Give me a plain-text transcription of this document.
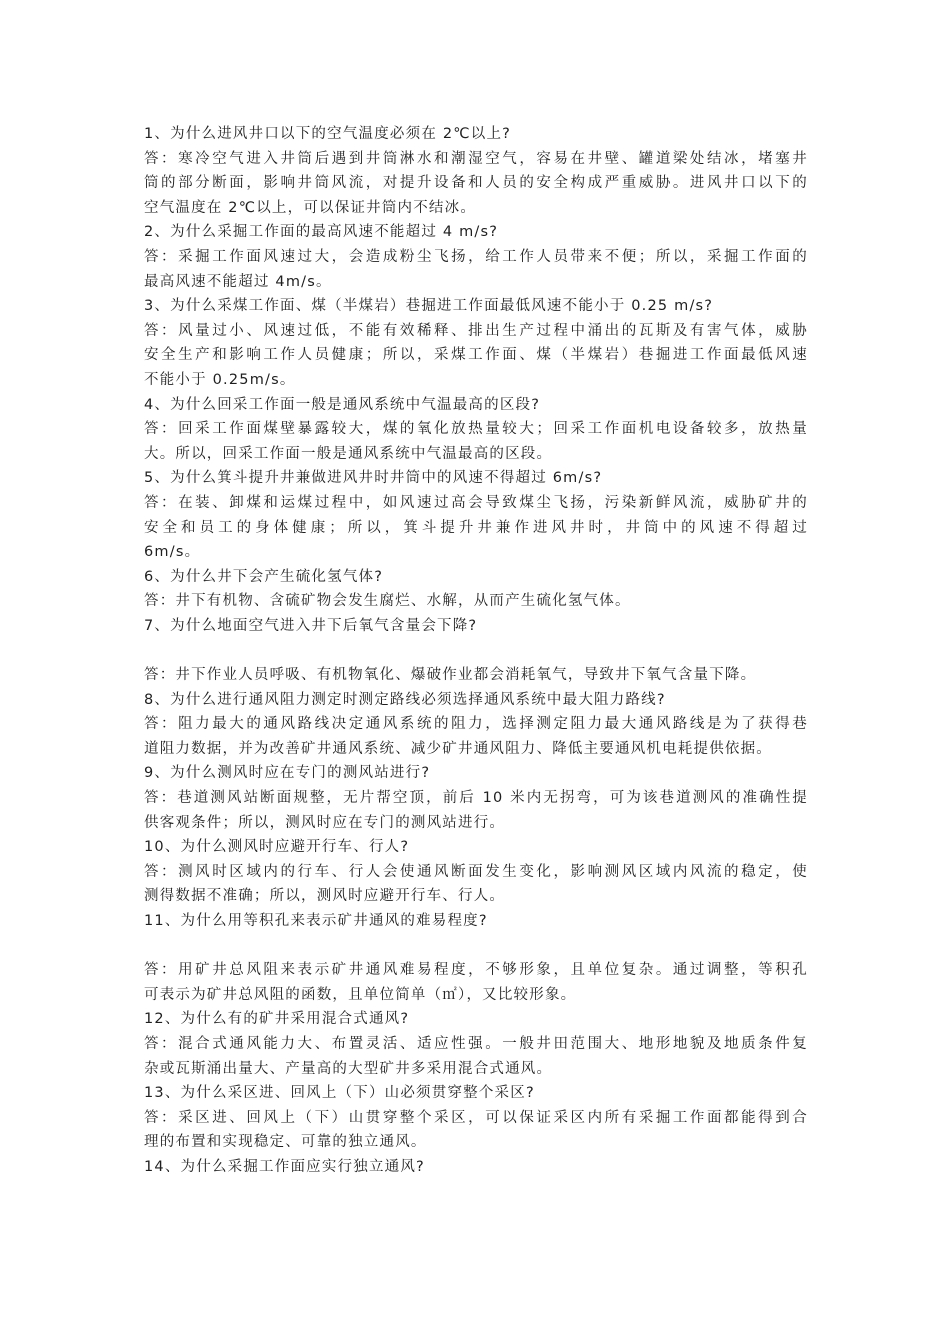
1、为什么进风井口以下的空气温度必须在 2℃以上?
答：寒冷空气进入井筒后遇到井筒淋水和潮湿空气，容易在井壁、罐道梁处结冰，堵塞井
筒的部分断面，影响井筒风流，对提升设备和人员的安全构成严重威胁。进风井口以下的
空气温度在 2℃以上，可以保证井筒内不结冰。
2、为什么采掘工作面的最高风速不能超过 4 m/s?
答：采掘工作面风速过大，会造成粉尘飞扬，给工作人员带来不便；所以，采掘工作面的
最高风速不能超过 4m/s。
3、为什么采煤工作面、煤（半煤岩）巷掘进工作面最低风速不能小于 0.25 m/s?
答：风量过小、风速过低，不能有效稀释、排出生产过程中涌出的瓦斯及有害气体，威胁
安全生产和影响工作人员健康；所以，采煤工作面、煤（半煤岩）巷掘进工作面最低风速
不能小于 0.25m/s。
4、为什么回采工作面一般是通风系统中气温最高的区段?
答：回采工作面煤壁暴露较大，煤的氧化放热量较大；回采工作面机电设备较多，放热量
大。所以，回采工作面一般是通风系统中气温最高的区段。
5、为什么箕斗提升井兼做进风井时井筒中的风速不得超过 6m/s?
答：在装、卸煤和运煤过程中，如风速过高会导致煤尘飞扬，污染新鲜风流，威胁矿井的
安全和员工的身体健康；所以，箕斗提升井兼作进风井时，井筒中的风速不得超过
6m/s。
6、为什么井下会产生硫化氢气体?
答：井下有机物、含硫矿物会发生腐烂、水解，从而产生硫化氢气体。
7、为什么地面空气进入井下后氧气含量会下降?
答：井下作业人员呼吸、有机物氧化、爆破作业都会消耗氧气，导致井下氧气含量下降。
8、为什么进行通风阻力测定时测定路线必须选择通风系统中最大阻力路线?
答：阻力最大的通风路线决定通风系统的阻力，选择测定阻力最大通风路线是为了获得巷
道阻力数据，并为改善矿井通风系统、减少矿井通风阻力、降低主要通风机电耗提供依据。
9、为什么测风时应在专门的测风站进行?
答：巷道测风站断面规整，无片帮空顶，前后 10 米内无拐弯，可为该巷道测风的准确性提
供客观条件；所以，测风时应在专门的测风站进行。
10、为什么测风时应避开行车、行人?
答：测风时区域内的行车、行人会使通风断面发生变化，影响测风区域内风流的稳定，使
测得数据不准确；所以，测风时应避开行车、行人。
11、为什么用等积孔来表示矿井通风的难易程度?
答：用矿井总风阻来表示矿井通风难易程度，不够形象，且单位复杂。通过调整，等积孔
可表示为矿井总风阻的函数，且单位简单（㎡），又比较形象。
12、为什么有的矿井采用混合式通风?
答：混合式通风能力大、布置灵活、适应性强。一般井田范围大、地形地貌及地质条件复
杂或瓦斯涌出量大、产量高的大型矿井多采用混合式通风。
13、为什么采区进、回风上（下）山必须贯穿整个采区?
答：采区进、回风上（下）山贯穿整个采区，可以保证采区内所有采掘工作面都能得到合
理的布置和实现稳定、可靠的独立通风。
14、为什么采掘工作面应实行独立通风?
